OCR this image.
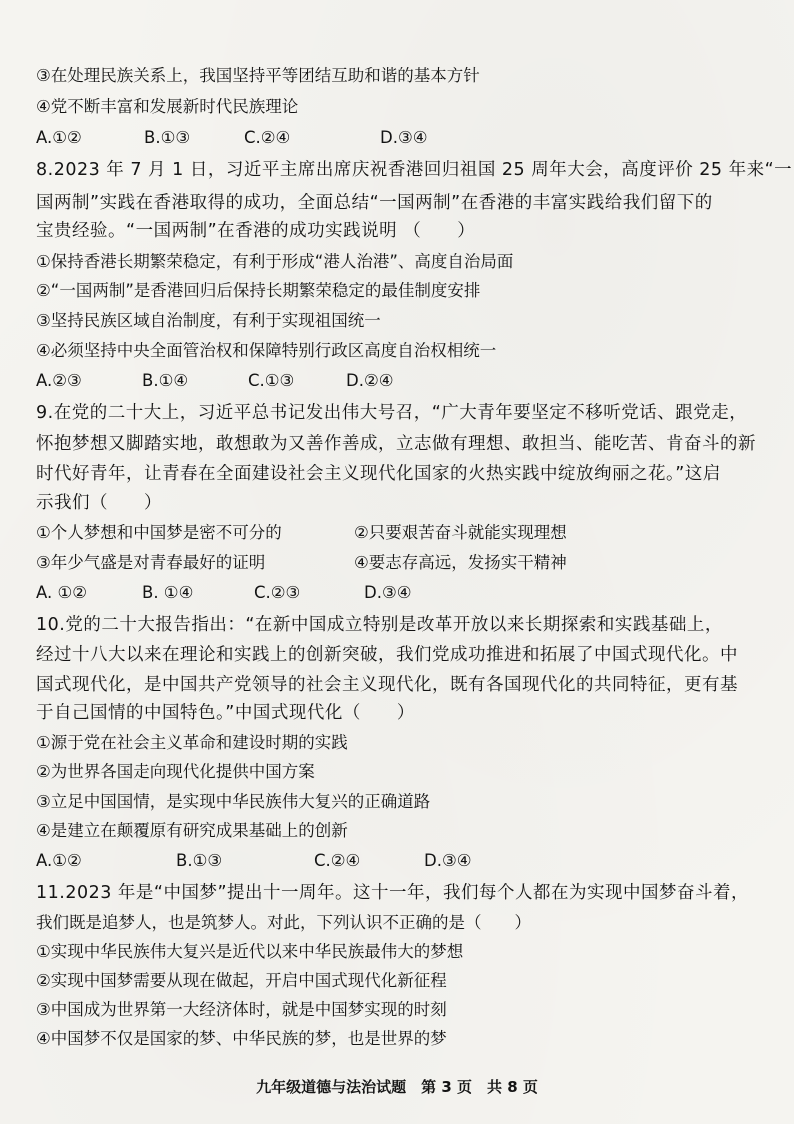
③在处理民族关系上，我国坚持平等团结互助和谐的基本方针
④党不断丰富和发展新时代民族理论
A.①②	B.①③	C.②④	D.③④
8.2023 年 7 月 1 日，习近平主席出席庆祝香港回归祖国 25 周年大会，高度评价 25 年来“一
国两制”实践在香港取得的成功，全面总结“一国两制”在香港的丰富实践给我们留下的
宝贵经验。“一国两制”在香港的成功实践说明 （　　）
①保持香港长期繁荣稳定，有利于形成“港人治港”、高度自治局面
②“一国两制”是香港回归后保持长期繁荣稳定的最佳制度安排
③坚持民族区域自治制度，有利于实现祖国统一
④必须坚持中央全面管治权和保障特别行政区高度自治权相统一
A.②③	B.①④	C.①③	D.②④
9.在党的二十大上，习近平总书记发出伟大号召，“广大青年要坚定不移听党话、跟党走，
怀抱梦想又脚踏实地，敢想敢为又善作善成，立志做有理想、敢担当、能吃苦、肯奋斗的新
时代好青年，让青春在全面建设社会主义现代化国家的火热实践中绽放绚丽之花。”这启
示我们（　　）
①个人梦想和中国梦是密不可分的	②只要艰苦奋斗就能实现理想
③年少气盛是对青春最好的证明	④要志存高远，发扬实干精神
A. ①②	B. ①④	C.②③	D.③④
10.党的二十大报告指出：“在新中国成立特别是改革开放以来长期探索和实践基础上，
经过十八大以来在理论和实践上的创新突破，我们党成功推进和拓展了中国式现代化。中
国式现代化，是中国共产党领导的社会主义现代化，既有各国现代化的共同特征，更有基
于自己国情的中国特色。”中国式现代化（　　）
①源于党在社会主义革命和建设时期的实践
②为世界各国走向现代化提供中国方案
③立足中国国情，是实现中华民族伟大复兴的正确道路
④是建立在颠覆原有研究成果基础上的创新
A.①②	B.①③	C.②④	D.③④
11.2023 年是“中国梦”提出十一周年。这十一年，我们每个人都在为实现中国梦奋斗着，
我们既是追梦人，也是筑梦人。对此，下列认识不正确的是（　　）
①实现中华民族伟大复兴是近代以来中华民族最伟大的梦想
②实现中国梦需要从现在做起，开启中国式现代化新征程
③中国成为世界第一大经济体时，就是中国梦实现的时刻
④中国梦不仅是国家的梦、中华民族的梦，也是世界的梦
九年级道德与法治试题　第 3 页　共 8 页
